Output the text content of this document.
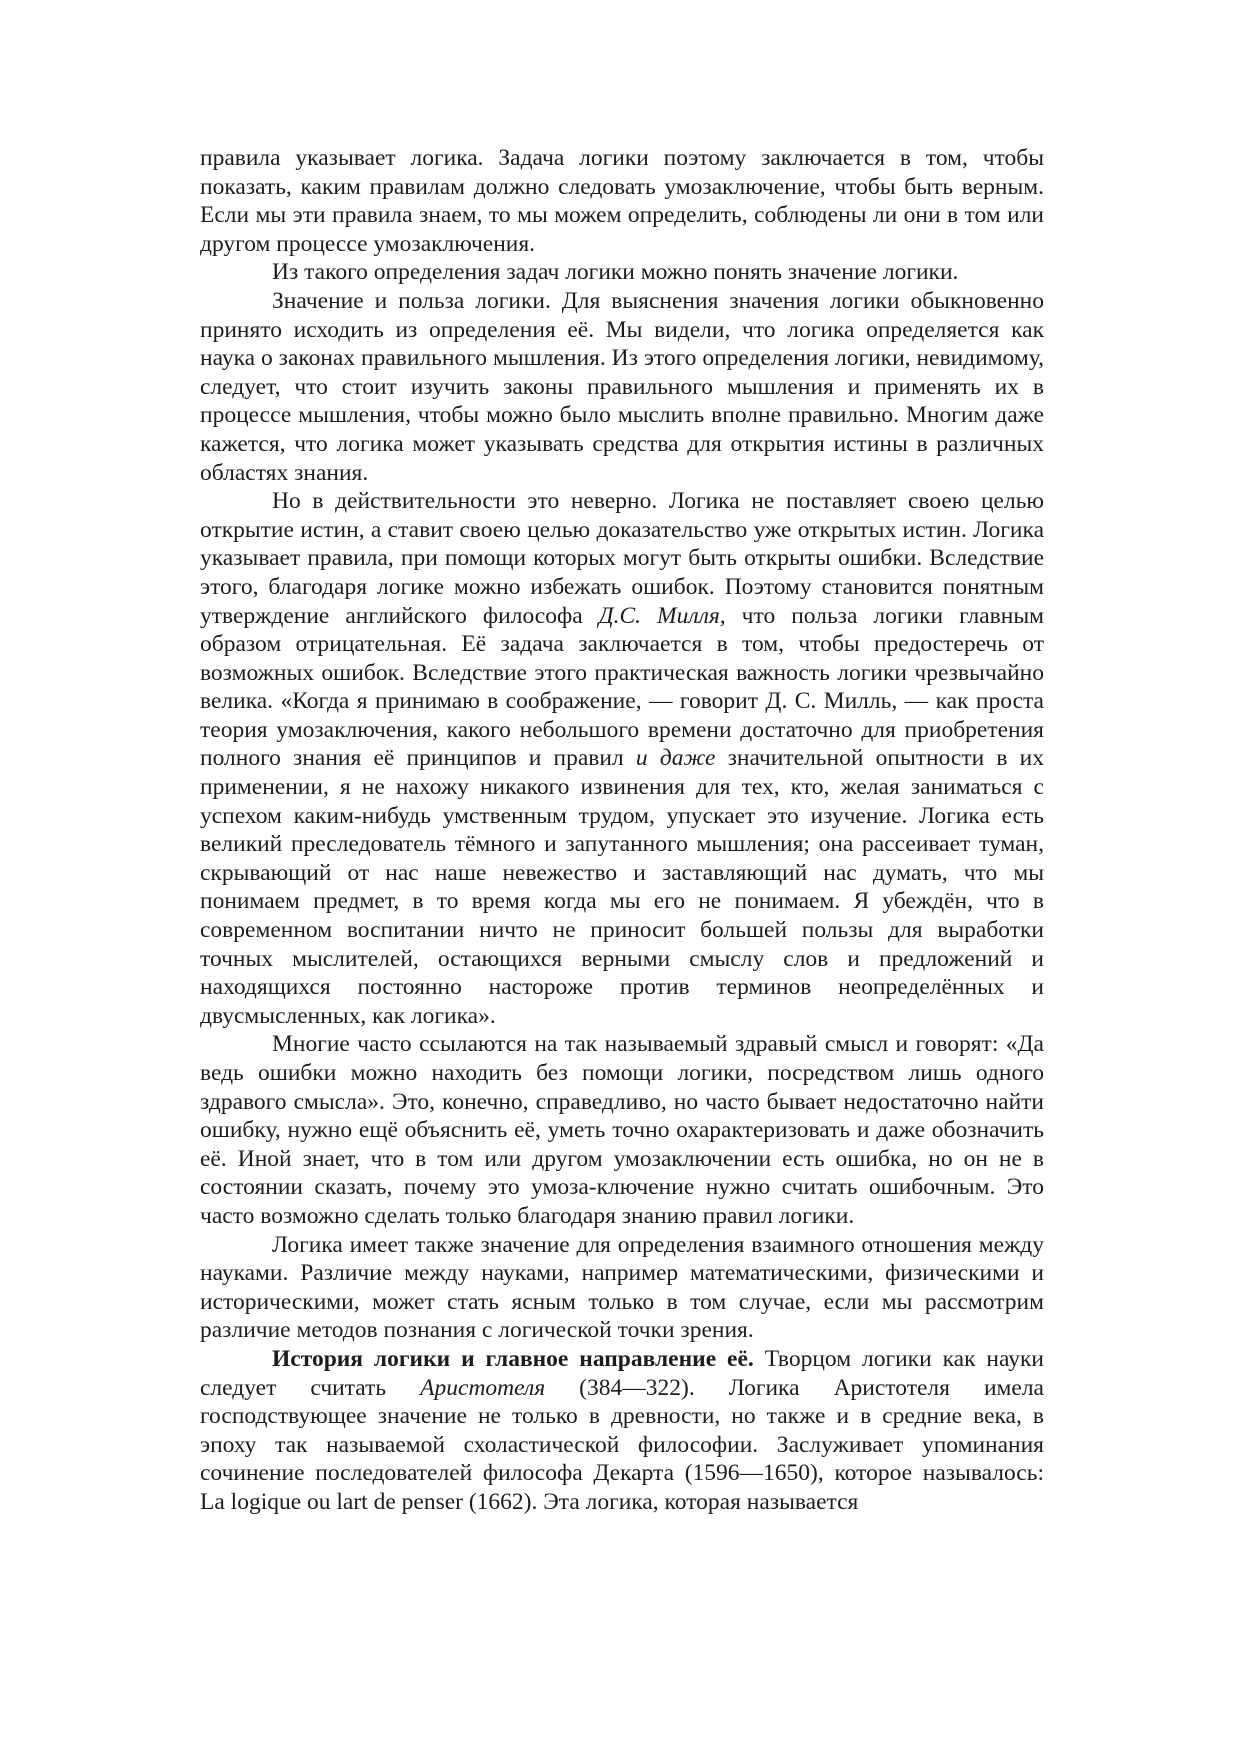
правила указывает логика. Задача логики поэтому заключается в том, чтобы показать, каким правилам должно следовать умозаключение, чтобы быть верным. Если мы эти правила знаем, то мы можем определить, соблюдены ли они в том или другом процессе умозаключения.

Из такого определения задач логики можно понять значение логики.

Значение и польза логики. Для выяснения значения логики обыкновенно принято исходить из определения её. Мы видели, что логика определяется как наука о законах правильного мышления. Из этого определения логики, невидимому, следует, что стоит изучить законы правильного мышления и применять их в процессе мышления, чтобы можно было мыслить вполне правильно. Многим даже кажется, что логика может указывать средства для открытия истины в различных областях знания.

Но в действительности это неверно. Логика не поставляет своею целью открытие истин, а ставит своею целью доказательство уже открытых истин. Логика указывает правила, при помощи которых могут быть открыты ошибки. Вследствие этого, благодаря логике можно избежать ошибок. Поэтому становится понятным утверждение английского философа Д.С. Милля, что польза логики главным образом отрицательная. Её задача заключается в том, чтобы предостеречь от возможных ошибок. Вследствие этого практическая важность логики чрезвычайно велика. «Когда я принимаю в соображение, — говорит Д. С. Милль, — как проста теория умозаключения, какого небольшого времени достаточно для приобретения полного знания её принципов и правил и даже значительной опытности в их применении, я не нахожу никакого извинения для тех, кто, желая заниматься с успехом каким-нибудь умственным трудом, упускает это изучение. Логика есть великий преследователь тёмного и запутанного мышления; она рассеивает туман, скрывающий от нас наше невежество и заставляющий нас думать, что мы понимаем предмет, в то время когда мы его не понимаем. Я убеждён, что в современном воспитании ничто не приносит большей пользы для выработки точных мыслителей, остающихся верными смыслу слов и предложений и находящихся постоянно настороже против терминов неопределённых и двусмысленных, как логика».

Многие часто ссылаются на так называемый здравый смысл и говорят: «Да ведь ошибки можно находить без помощи логики, посредством лишь одного здравого смысла». Это, конечно, справедливо, но часто бывает недостаточно найти ошибку, нужно ещё объяснить её, уметь точно охарактеризовать и даже обозначить её. Иной знает, что в том или другом умозаключении есть ошибка, но он не в состоянии сказать, почему это умоза-ключение нужно считать ошибочным. Это часто возможно сделать только благодаря знанию правил логики.

Логика имеет также значение для определения взаимного отношения между науками. Различие между науками, например математическими, физическими и историческими, может стать ясным только в том случае, если мы рассмотрим различие методов познания с логической точки зрения.

История логики и главное направление её. Творцом логики как науки следует считать Аристотеля (384—322). Логика Аристотеля имела господствующее значение не только в древности, но также и в средние века, в эпоху так называемой схоластической философии. Заслуживает упоминания сочинение последователей философа Декарта (1596—1650), которое называлось: La logique ou lart de penser (1662). Эта логика, которая называется
